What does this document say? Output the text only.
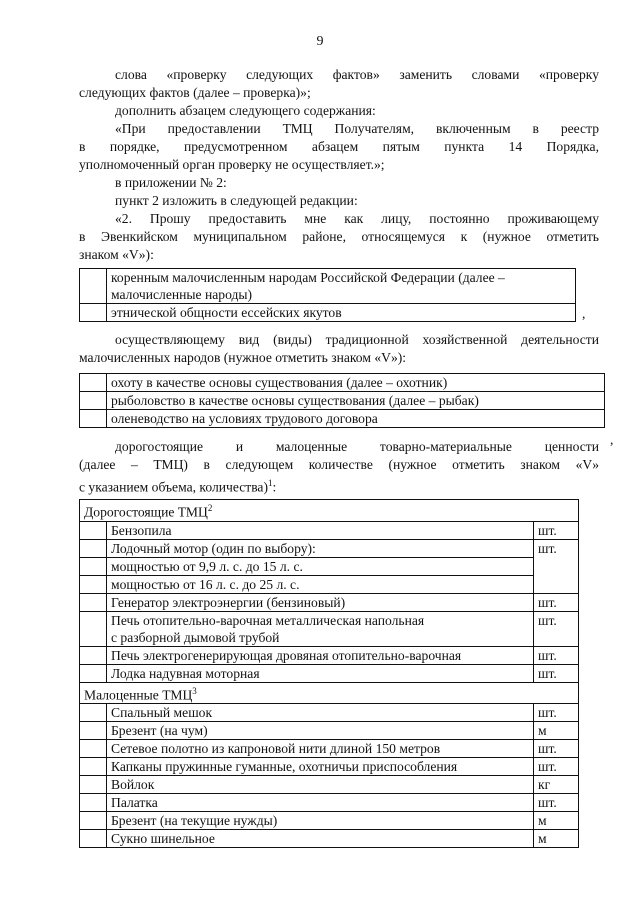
9
слова «проверку следующих фактов» заменить словами «проверку
следующих фактов (далее – проверка)»;
дополнить абзацем следующего содержания:
«При предоставлении ТМЦ Получателям, включенным в реестр
в порядке, предусмотренном абзацем пятым пункта 14 Порядка,
уполномоченный орган проверку не осуществляет.»;
в приложении № 2:
пункт 2 изложить в следующей редакции:
«2. Прошу предоставить мне как лицу, постоянно проживающему
в Эвенкийском муниципальном районе, относящемуся к (нужное отметить
знаком «V»):
	коренным малочисленным народам Российской Федерации (далее –
	малочисленные народы)
	этнической общности ессейских якутов	,
осуществляющему вид (виды) традиционной хозяйственной деятельности
малочисленных народов (нужное отметить знаком «V»):
	охоту в качестве основы существования (далее – охотник)
	рыболовство в качестве основы существования (далее – рыбак)
	оленеводство на условиях трудового договора
,
дорогостоящие и малоценные товарно-материальные ценности
(далее – ТМЦ) в следующем количестве (нужное отметить знаком «V»
с указанием объема, количества)$^1$:
Дорогостоящие ТМЦ$^2$
	Бензопила	шт.
	Лодочный мотор (один по выбору):	шт.
	мощностью от 9,9 л. с. до 15 л. с.	
	мощностью от 16 л. с. до 25 л. с.	
	Генератор электроэнергии (бензиновый)	шт.

	Печь отопительно-варочная металлическая напольная
с разборной дымовой трубой	шт.
	Печь электрогенерирующая дровяная отопительно-варочная	шт.
	Лодка надувная моторная	шт.
Малоценные ТМЦ$^3$
	Спальный мешок	шт.
	Брезент (на чум)	м
	Сетевое полотно из капроновой нити длиной 150 метров	шт.
	Капканы пружинные гуманные, охотничьи приспособления	шт.
	Войлок	кг
	Палатка	шт.
	Брезент (на текущие нужды)	м
	Сукно шинельное	м
